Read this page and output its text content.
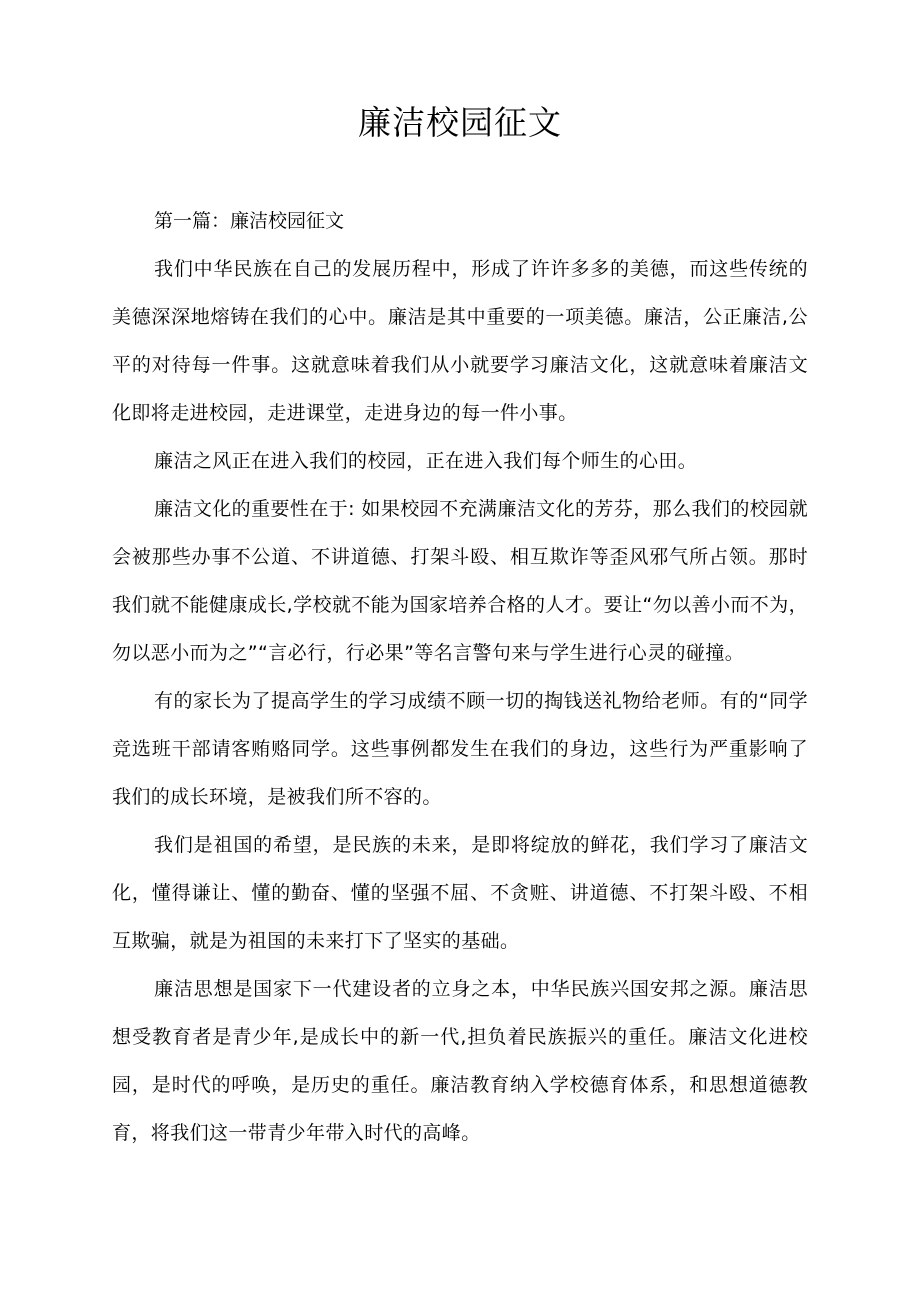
廉洁校园征文

第一篇：廉洁校园征文

我们中华民族在自己的发展历程中，形成了许许多多的美德，而这些传统的美德深深地熔铸在我们的心中。廉洁是其中重要的一项美德。廉洁，公正廉洁,公平的对待每一件事。这就意味着我们从小就要学习廉洁文化，这就意味着廉洁文化即将走进校园，走进课堂，走进身边的每一件小事。

廉洁之风正在进入我们的校园，正在进入我们每个师生的心田。

廉洁文化的重要性在于: 如果校园不充满廉洁文化的芳芬，那么我们的校园就会被那些办事不公道、不讲道德、打架斗殴、相互欺诈等歪风邪气所占领。那时我们就不能健康成长,学校就不能为国家培养合格的人才。要让“勿以善小而不为，勿以恶小而为之”“言必行，行必果”等名言警句来与学生进行心灵的碰撞。

有的家长为了提高学生的学习成绩不顾一切的掏钱送礼物给老师。有的“同学竞选班干部请客贿赂同学。这些事例都发生在我们的身边，这些行为严重影响了我们的成长环境，是被我们所不容的。

我们是祖国的希望，是民族的未来，是即将绽放的鲜花，我们学习了廉洁文化，懂得谦让、懂的勤奋、懂的坚强不屈、不贪赃、讲道德、不打架斗殴、不相互欺骗，就是为祖国的未来打下了坚实的基础。

廉洁思想是国家下一代建设者的立身之本，中华民族兴国安邦之源。廉洁思想受教育者是青少年,是成长中的新一代,担负着民族振兴的重任。廉洁文化进校园，是时代的呼唤，是历史的重任。廉洁教育纳入学校德育体系，和思想道德教育，将我们这一带青少年带入时代的高峰。
